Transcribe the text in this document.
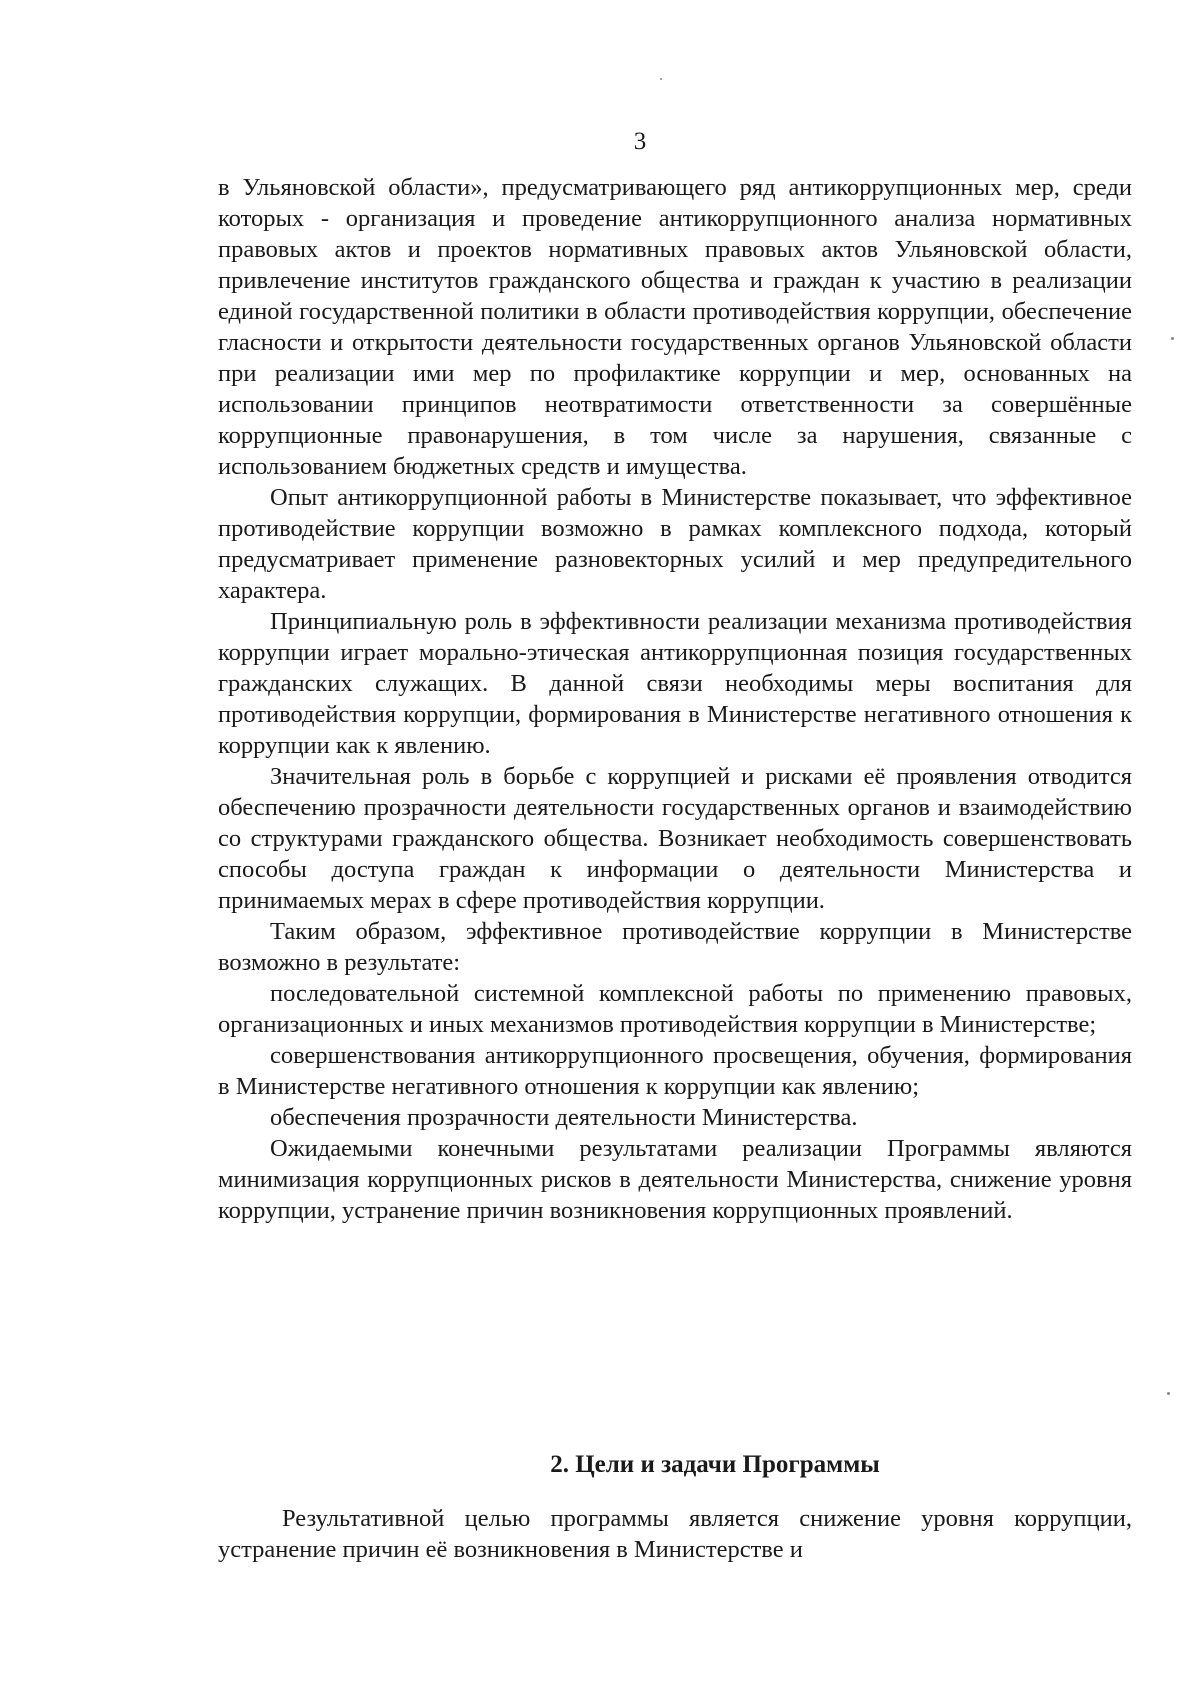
3

в Ульяновской области», предусматривающего ряд антикоррупционных мер, среди которых - организация и проведение антикоррупционного анализа нормативных правовых актов и проектов нормативных правовых актов Ульяновской области, привлечение институтов гражданского общества и граждан к участию в реализации единой государственной политики в области противодействия коррупции, обеспечение гласности и открытости деятельности государственных органов Ульяновской области при реализации ими мер по профилактике коррупции и мер, основанных на использовании принципов неотвратимости ответственности за совершённые коррупционные правонарушения, в том числе за нарушения, связанные с использованием бюджетных средств и имущества.

Опыт антикоррупционной работы в Министерстве показывает, что эффективное противодействие коррупции возможно в рамках комплексного подхода, который предусматривает применение разновекторных усилий и мер предупредительного характера.

Принципиальную роль в эффективности реализации механизма противодействия коррупции играет морально-этическая антикоррупционная позиция государственных гражданских служащих. В данной связи необходимы меры воспитания для противодействия коррупции, формирования в Министерстве негативного отношения к коррупции как к явлению.

Значительная роль в борьбе с коррупцией и рисками её проявления отводится обеспечению прозрачности деятельности государственных органов и взаимодействию со структурами гражданского общества. Возникает необходимость совершенствовать способы доступа граждан к информации о деятельности Министерства и принимаемых мерах в сфере противодействия коррупции.

Таким образом, эффективное противодействие коррупции в Министерстве возможно в результате:

последовательной системной комплексной работы по применению правовых, организационных и иных механизмов противодействия коррупции в Министерстве;

совершенствования антикоррупционного просвещения, обучения, формирования в Министерстве негативного отношения к коррупции как явлению;

обеспечения прозрачности деятельности Министерства.

Ожидаемыми конечными результатами реализации Программы являются минимизация коррупционных рисков в деятельности Министерства, снижение уровня коррупции, устранение причин возникновения коррупционных проявлений.

2. Цели и задачи Программы

Результативной целью программы является снижение уровня коррупции, устранение причин её возникновения в Министерстве и
